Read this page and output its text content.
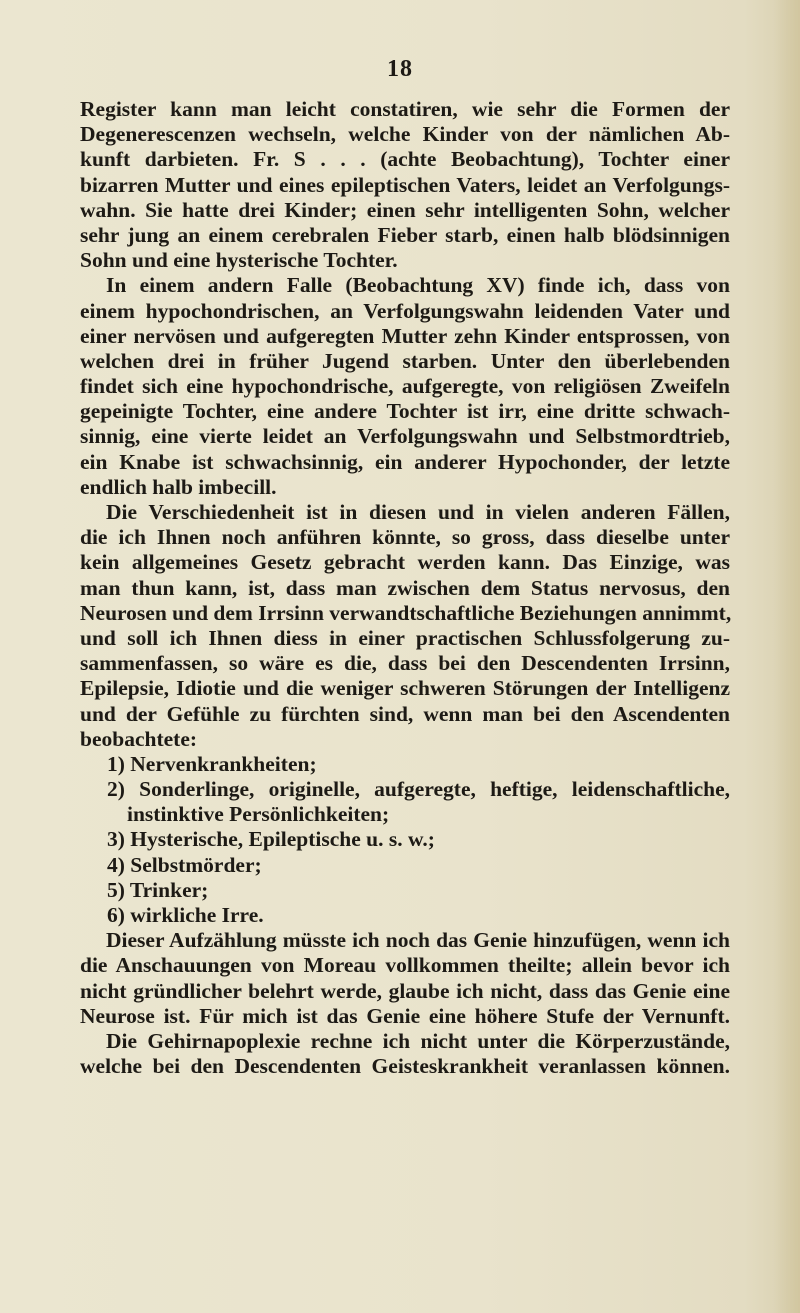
18
Register kann man leicht constatiren, wie sehr die Formen der
Degenerescenzen wechseln, welche Kinder von der nämlichen Ab-
kunft darbieten. Fr. S . . . (achte Beobachtung), Tochter einer
bizarren Mutter und eines epileptischen Vaters, leidet an Verfolgungs-
wahn. Sie hatte drei Kinder; einen sehr intelligenten Sohn, welcher
sehr jung an einem cerebralen Fieber starb, einen halb blödsinnigen
Sohn und eine hysterische Tochter.
In einem andern Falle (Beobachtung XV) finde ich, dass von
einem hypochondrischen, an Verfolgungswahn leidenden Vater und
einer nervösen und aufgeregten Mutter zehn Kinder entsprossen, von
welchen drei in früher Jugend starben. Unter den überlebenden
findet sich eine hypochondrische, aufgeregte, von religiösen Zweifeln
gepeinigte Tochter, eine andere Tochter ist irr, eine dritte schwach-
sinnig, eine vierte leidet an Verfolgungswahn und Selbstmordtrieb,
ein Knabe ist schwachsinnig, ein anderer Hypochonder, der letzte
endlich halb imbecill.
Die Verschiedenheit ist in diesen und in vielen anderen Fällen,
die ich Ihnen noch anführen könnte, so gross, dass dieselbe unter
kein allgemeines Gesetz gebracht werden kann. Das Einzige, was
man thun kann, ist, dass man zwischen dem Status nervosus, den
Neurosen und dem Irrsinn verwandtschaftliche Beziehungen annimmt,
und soll ich Ihnen diess in einer practischen Schlussfolgerung zu-
sammenfassen, so wäre es die, dass bei den Descendenten Irrsinn,
Epilepsie, Idiotie und die weniger schweren Störungen der Intelligenz
und der Gefühle zu fürchten sind, wenn man bei den Ascendenten
beobachtete:
1) Nervenkrankheiten;
2) Sonderlinge, originelle, aufgeregte, heftige, leidenschaftliche,
instinktive Persönlichkeiten;
3) Hysterische, Epileptische u. s. w.;
4) Selbstmörder;
5) Trinker;
6) wirkliche Irre.
Dieser Aufzählung müsste ich noch das Genie hinzufügen, wenn ich
die Anschauungen von Moreau vollkommen theilte; allein bevor ich
nicht gründlicher belehrt werde, glaube ich nicht, dass das Genie eine
Neurose ist. Für mich ist das Genie eine höhere Stufe der Vernunft.
Die Gehirnapoplexie rechne ich nicht unter die Körperzustände,
welche bei den Descendenten Geisteskrankheit veranlassen können.
